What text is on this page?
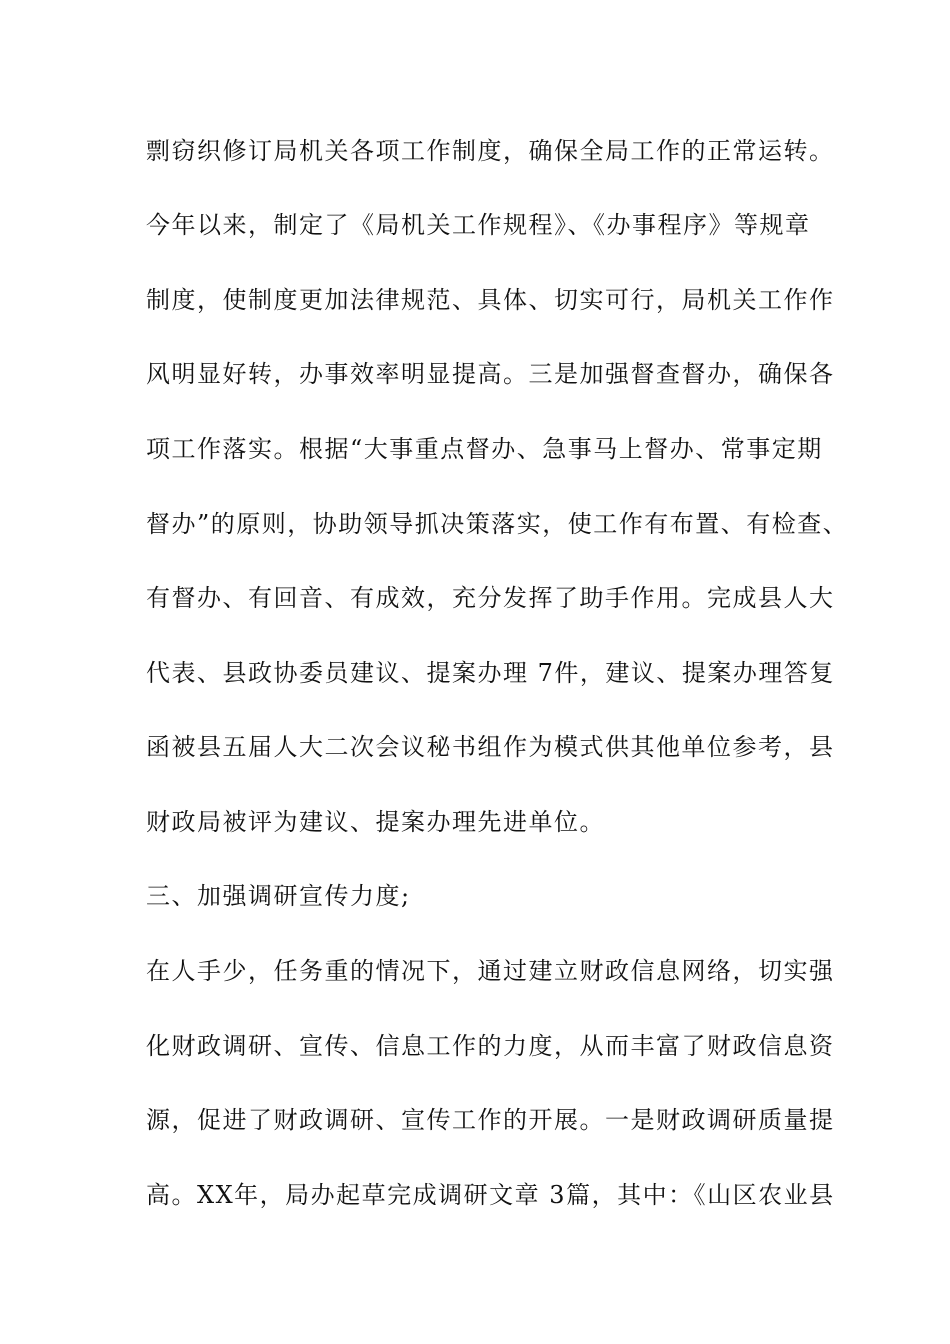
剽窃织修订局机关各项工作制度，确保全局工作的正常运转。
今年以来，制定了《局机关工作规程》、《办事程序》等规章
制度，使制度更加法律规范、具体、切实可行，局机关工作作
风明显好转，办事效率明显提高。三是加强督查督办，确保各
项工作落实。根据“大事重点督办、急事马上督办、常事定期
督办”的原则，协助领导抓决策落实，使工作有布置、有检查、
有督办、有回音、有成效，充分发挥了助手作用。完成县人大
代表、县政协委员建议、提案办理 7件，建议、提案办理答复
函被县五届人大二次会议秘书组作为模式供其他单位参考，县
财政局被评为建议、提案办理先进单位。
三、加强调研宣传力度;
在人手少，任务重的情况下，通过建立财政信息网络，切实强
化财政调研、宣传、信息工作的力度，从而丰富了财政信息资
源，促进了财政调研、宣传工作的开展。一是财政调研质量提
高。XX年，局办起草完成调研文章 3篇，其中：《山区农业县
